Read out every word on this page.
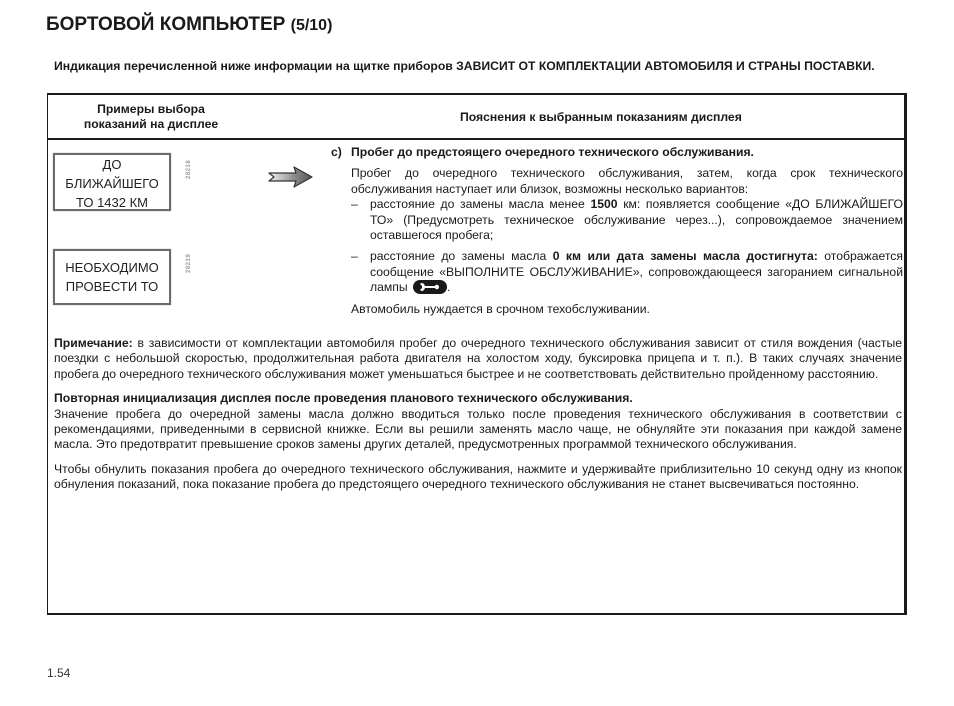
БОРТОВОЙ КОМПЬЮТЕР (5/10)
Индикация перечисленной ниже информации на щитке приборов ЗАВИСИТ ОТ КОМПЛЕКТАЦИИ АВТОМОБИЛЯ И СТРАНЫ ПОСТАВКИ.
Примеры выбора
показаний на дисплее	Пояснения к выбранным показаниям дисплея
ДО
БЛИЖАЙШЕГО
ТО 1432 КМ
28218
НЕОБХОДИМО
ПРОВЕСТИ ТО
28219
c) Пробег до предстоящего очередного технического обслуживания.

Пробег до очередного технического обслуживания, затем, когда срок технического обслуживания наступает или близок, возможны несколько вариантов:

–	расстояние до замены масла менее 1500 км: появляется сообщение «ДО БЛИЖАЙШЕГО ТО» (Предусмотреть техническое обслуживание через...), сопровождаемое значением оставшегося пробега;
–	расстояние до замены масла 0 км или дата замены масла достигнута: отображается сообщение «ВЫПОЛНИТЕ ОБСЛУЖИВАНИЕ», сопровождающееся загоранием сигнальной лампы	.

Автомобиль нуждается в срочном техобслуживании.

Примечание: в зависимости от комплектации автомобиля пробег до очередного технического обслуживания зависит от стиля вождения (частые поездки с небольшой скоростью, продолжительная работа двигателя на холостом ходу, буксировка прицепа и т. п.). В таких случаях значение пробега до очередного технического обслуживания может уменьшаться быстрее и не соответствовать действительно пройденному расстоянию.

Повторная инициализация дисплея после проведения планового технического обслуживания.

Значение пробега до очередной замены масла должно вводиться только после проведения технического обслуживания в соответствии с рекомендациями, приведенными в сервисной книжке. Если вы решили заменять масло чаще, не обнуляйте эти показания при каждой замене масла. Это предотвратит превышение сроков замены других деталей, предусмотренных программой технического обслуживания.

Чтобы обнулить показания пробега до очередного технического обслуживания, нажмите и удерживайте приблизительно 10 секунд одну из кнопок обнуления показаний, пока показание пробега до предстоящего очередного технического обслуживания не станет высвечиваться постоянно.

1.54
